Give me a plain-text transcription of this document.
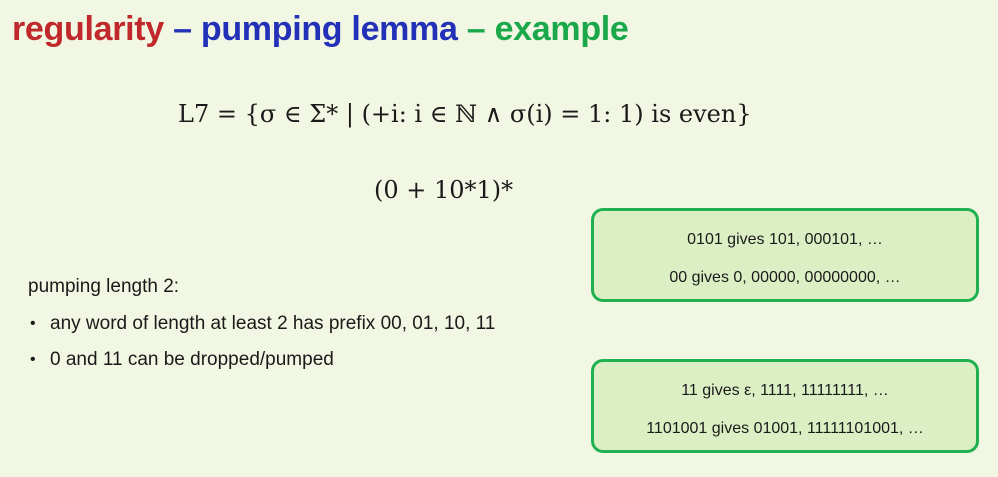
regularity – pumping lemma – example
L7 = {σ ∈ Σ* | (+i: i ∈ ℕ ∧ σ(i) = 1: 1) is even}
(0 + 10*1)*
pumping length 2:
• any word of length at least 2 has prefix 00, 01, 10, 11
• 0 and 11 can be dropped/pumped
0101 gives 101, 000101, …
00 gives 0, 00000, 00000000, …
11 gives ε, 1111, 11111111, …
1101001 gives 01001, 11111101001, …
